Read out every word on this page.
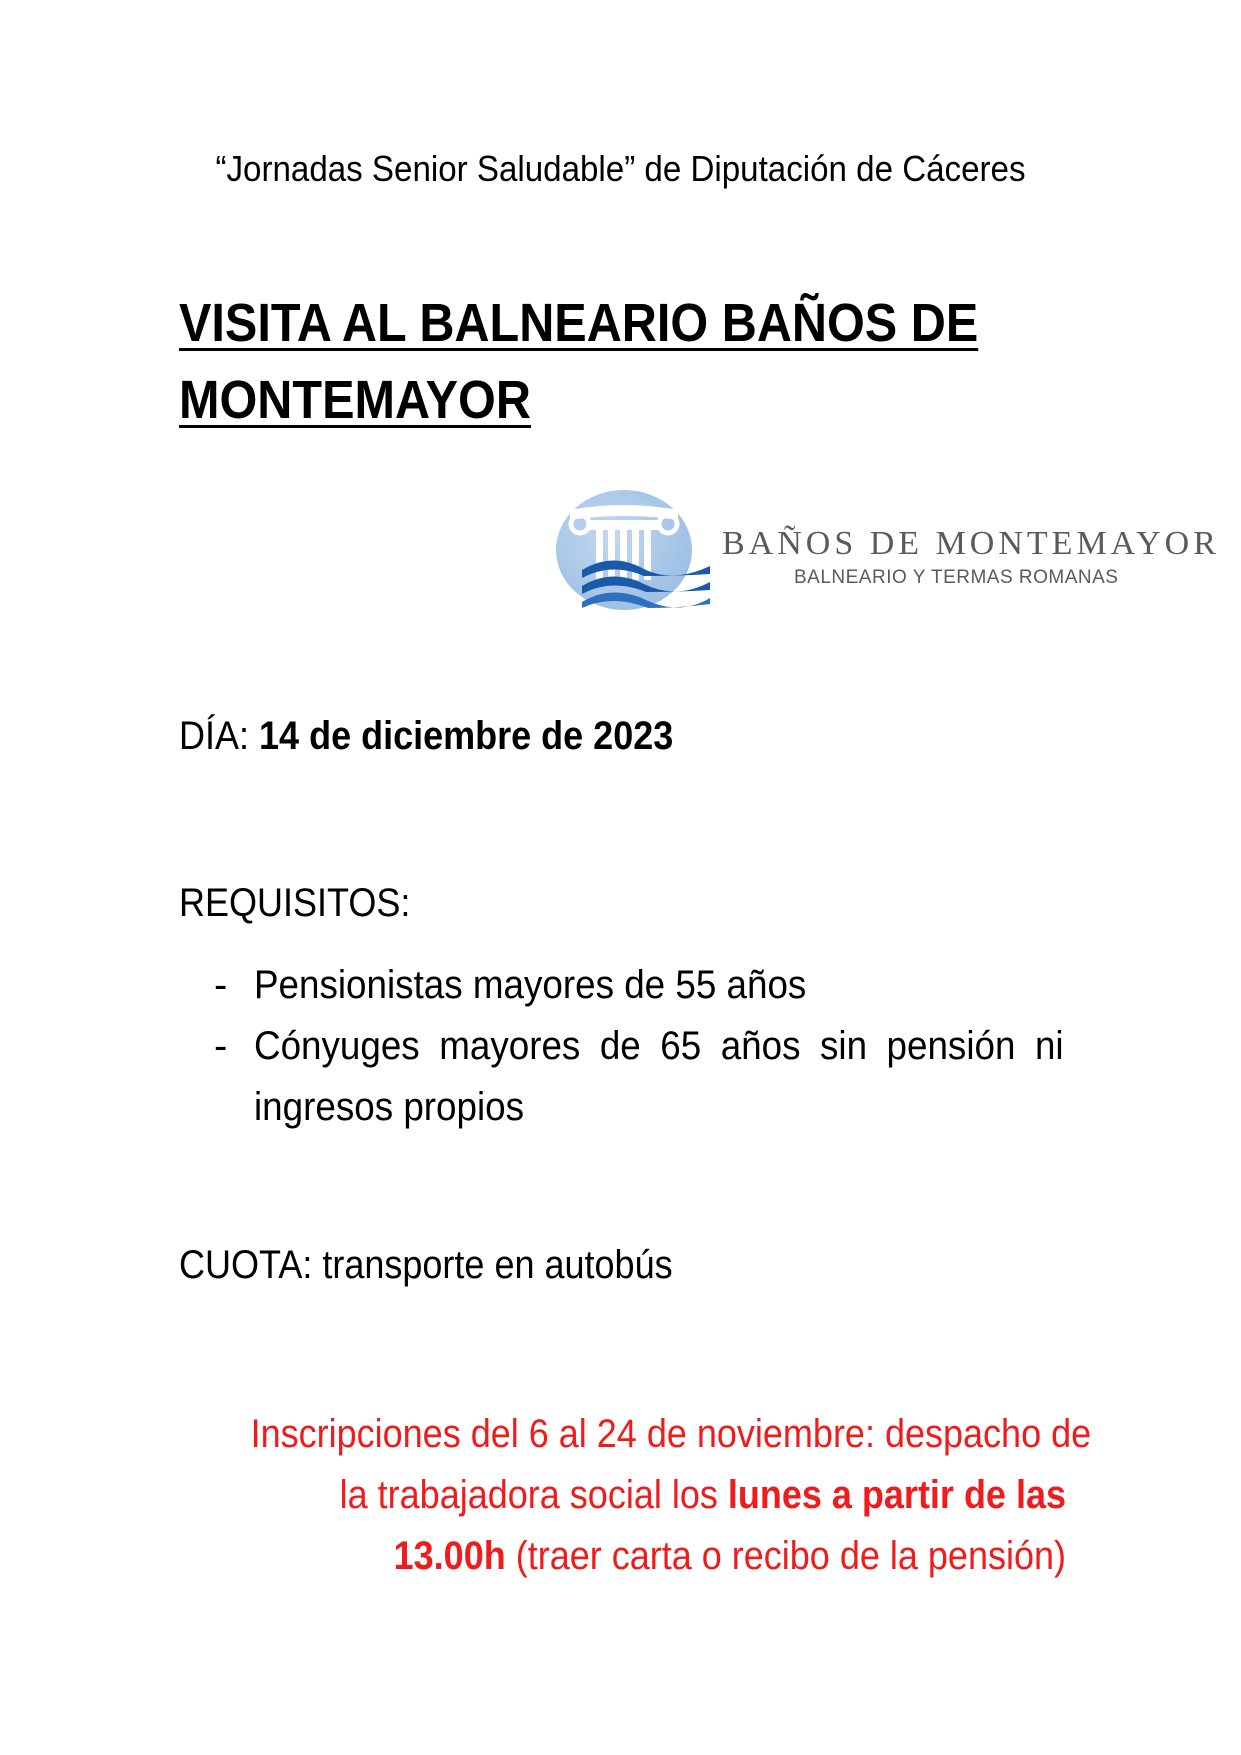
“Jornadas Senior Saludable” de Diputación de Cáceres
VISITA AL BALNEARIO BAÑOS DE
MONTEMAYOR
BAÑOS DE MONTEMAYOR
BALNEARIO Y TERMAS ROMANAS
DÍA: 14 de diciembre de 2023
REQUISITOS:
- Pensionistas mayores de 55 años
- Cónyuges mayores de 65 años sin pensión ni ingresos propios
CUOTA: transporte en autobús
Inscripciones del 6 al 24 de noviembre: despacho de
la trabajadora social los lunes a partir de las
13.00h (traer carta o recibo de la pensión)
